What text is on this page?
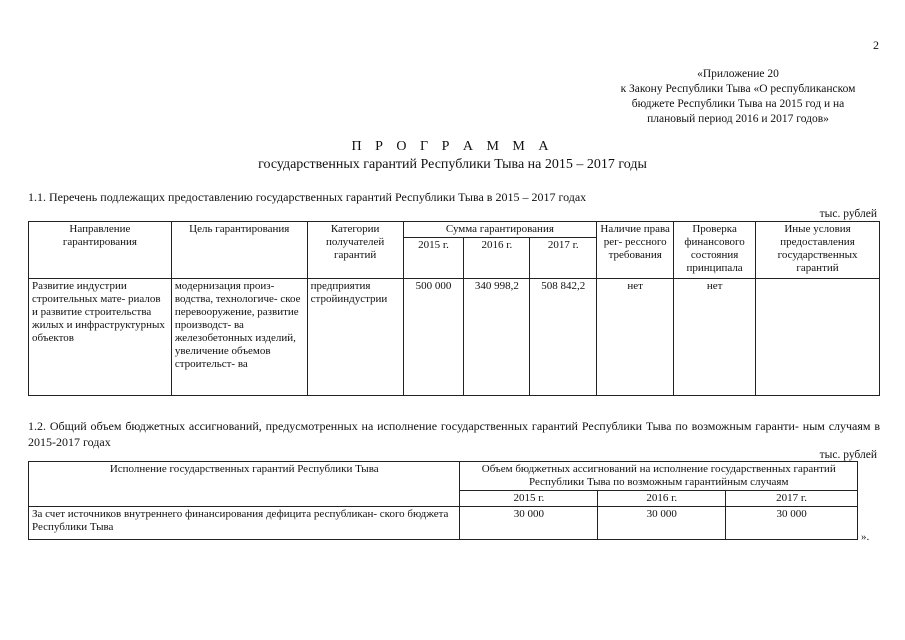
2
«Приложение 20
к Закону Республики Тыва «О республиканском
бюджете Республики Тыва на 2015 год и на
плановый период 2016 и 2017 годов»
П Р О Г Р А М М А
государственных гарантий Республики Тыва на 2015 – 2017 годы
1.1. Перечень подлежащих предоставлению государственных гарантий Республики Тыва в 2015 – 2017 годах
тыс. рублей
Направление гарантирования	Цель гарантирования	Категории получателей гарантий	Сумма гарантирования			Наличие права рег- рессного требования	Проверка финансового состояния принципала	Иные условия предоставления государственных гарантий
			2015 г.	2016 г.	2017 г.			
Развитие индустрии строительных мате- риалов и развитие строительства жилых и инфраструктурных объектов	модернизация произ- водства, технологиче- ское перевооружение, развитие производст- ва железобетонных изделий, увеличение объемов строительст- ва	предприятия стройиндустрии	500 000	340 998,2	508 842,2	нет	нет	
1.2. Общий объем бюджетных ассигнований, предусмотренных на исполнение государственных гарантий Республики Тыва по возможным гаранти- ным случаям в 2015-2017 годах
тыс. рублей
Исполнение государственных гарантий Республики Тыва	Объем бюджетных ассигнований на исполнение государственных гарантий Республики Тыва по возможным гарантийным случаям		
	2015 г.	2016 г.	2017 г.
За счет источников внутреннего финансирования дефицита республикан- ского бюджета Республики Тыва	30 000	30 000	30 000
».
